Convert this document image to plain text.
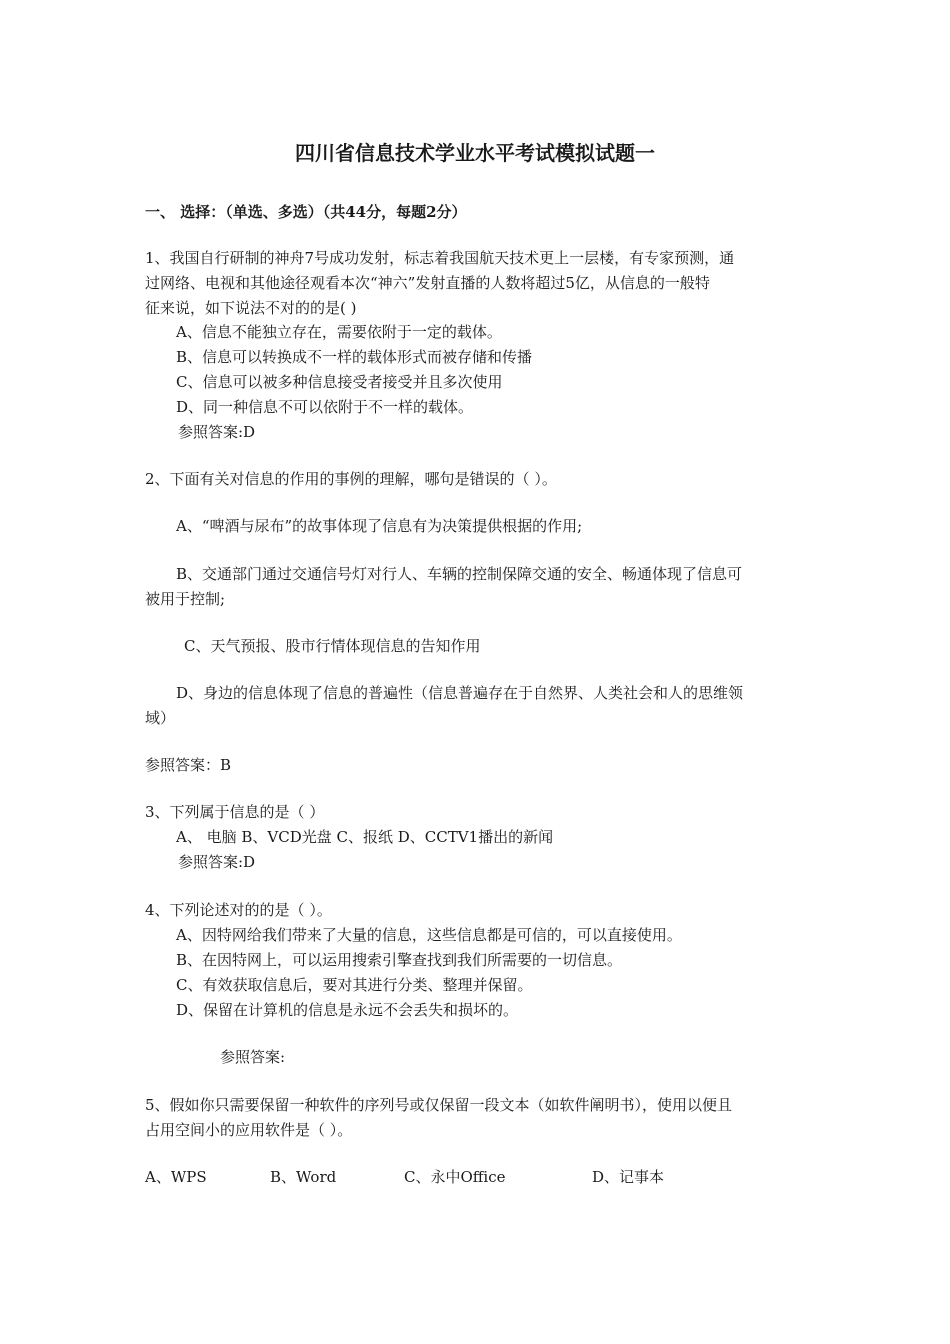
四川省信息技术学业水平考试模拟试题一
一、 选择：（单选、多选）（共44分，每题2分）
1、我国自行研制的神舟7号成功发射，标志着我国航天技术更上一层楼，有专家预测，通
过网络、电视和其他途径观看本次“神六”发射直播的人数将超过5亿，从信息的一般特
征来说，如下说法不对的的是( )
A、信息不能独立存在，需要依附于一定的载体。
B、信息可以转换成不一样的载体形式而被存储和传播
C、信息可以被多种信息接受者接受并且多次使用
D、同一种信息不可以依附于不一样的载体。
参照答案:D
2、下面有关对信息的作用的事例的理解，哪句是错误的（ ）。
A、“啤酒与尿布”的故事体现了信息有为决策提供根据的作用;
B、交通部门通过交通信号灯对行人、车辆的控制保障交通的安全、畅通体现了信息可
被用于控制;
C、天气预报、股市行情体现信息的告知作用
D、身边的信息体现了信息的普遍性（信息普遍存在于自然界、人类社会和人的思维领
域）
参照答案：B
3、下列属于信息的是（ ）
A、 电脑 B、VCD光盘 C、报纸 D、CCTV1播出的新闻
参照答案:D
4、下列论述对的的是（ ）。
A、因特网给我们带来了大量的信息，这些信息都是可信的，可以直接使用。
B、在因特网上，可以运用搜索引擎查找到我们所需要的一切信息。
C、有效获取信息后，要对其进行分类、整理并保留。
D、保留在计算机的信息是永远不会丢失和损坏的。
参照答案:
5、假如你只需要保留一种软件的序列号或仅保留一段文本（如软件阐明书），使用以便且
占用空间小的应用软件是（ ）。
A、WPS	B、Word	C、永中Office	D、记事本
